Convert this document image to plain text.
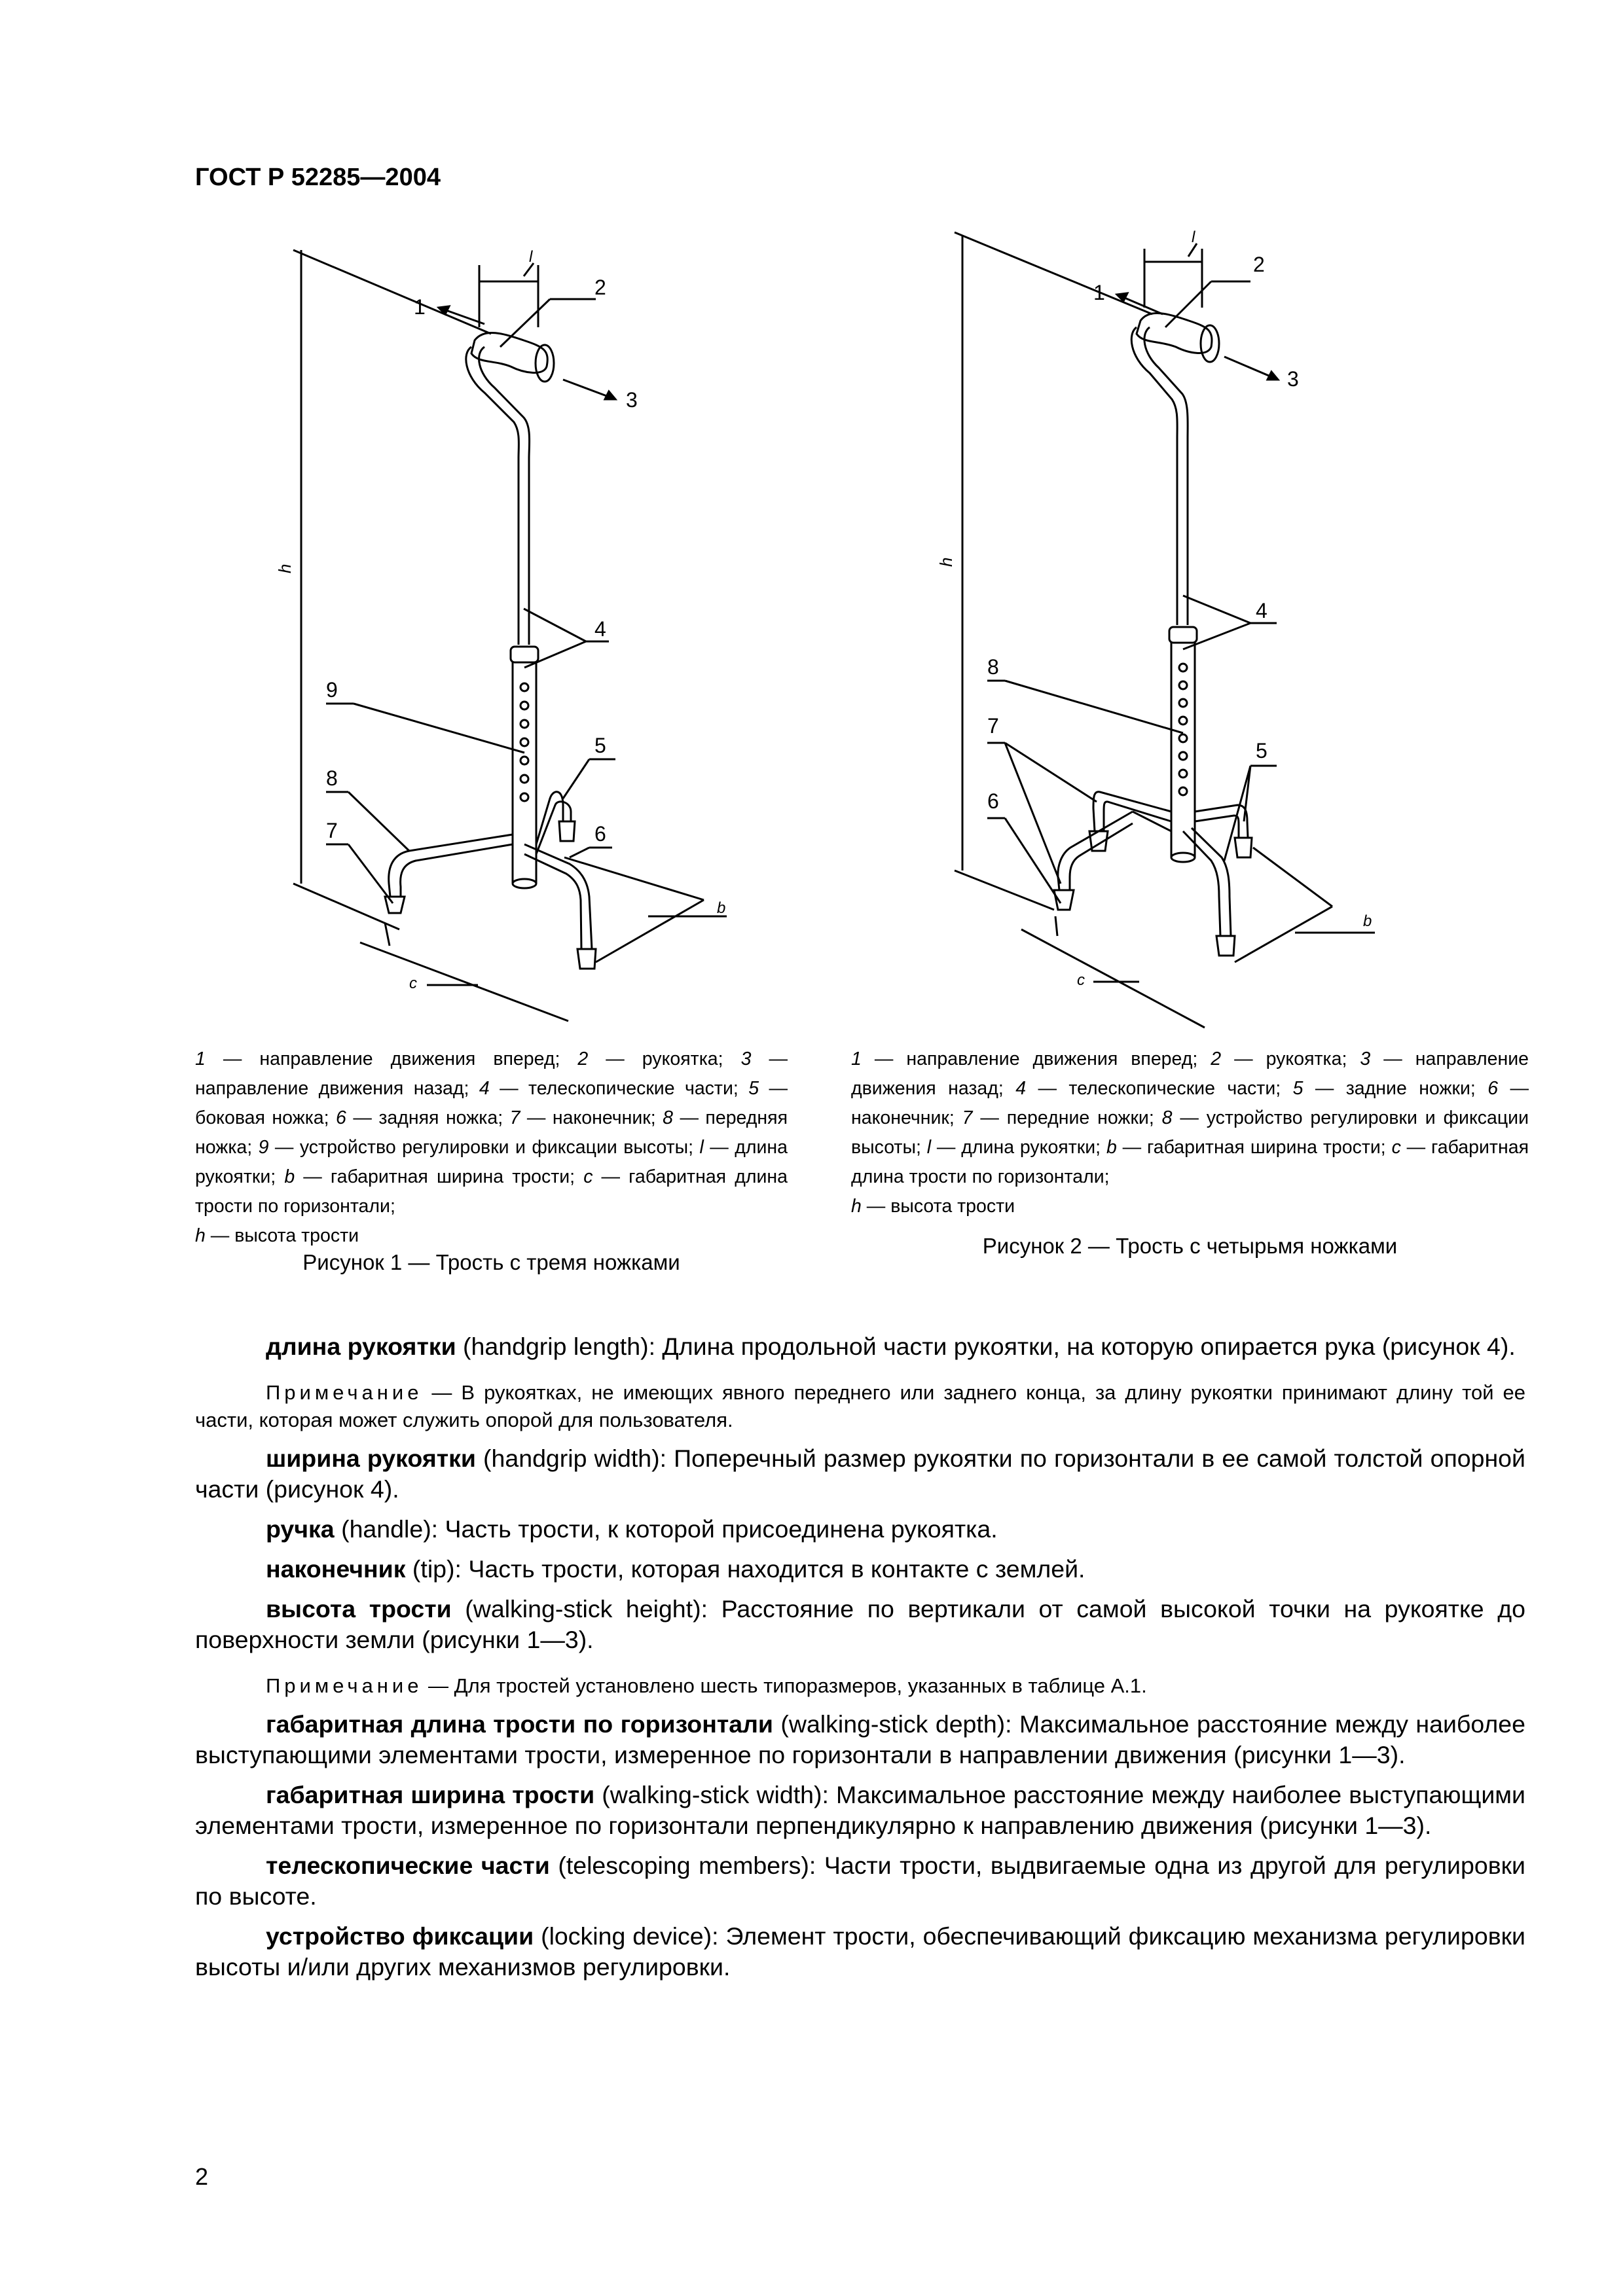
ГОСТ Р 52285—2004
h
l
c
b
1
2
3
4
9
5
6
8
7
h
l
c
b
1
2
3
4
8
7
5
6
1 — направление движения вперед; 2 — рукоятка; 3 — направление движения назад; 4 — телескопические части; 5 — боковая ножка; 6 — задняя ножка; 7 — наконечник; 8 — передняя ножка; 9 — устройство регулировки и фиксации высоты; l — длина рукоятки; b — габаритная ширина трости; c — габаритная длина трости по горизонтали;
h — высота трости
1 — направление движения вперед; 2 — рукоятка; 3 — направление движения назад; 4 — телескопические части; 5 — задние ножки; 6 — наконечник; 7 — передние ножки; 8 — устройство регулировки и фиксации высоты; l — длина рукоятки; b — габаритная ширина трости; c — габаритная длина трости по горизонтали;
h — высота трости
Рисунок 1 — Трость с тремя ножками
Рисунок 2 — Трость с четырьмя ножками

длина рукоятки (handgrip length): Длина продольной части рукоятки, на которую опирается рука (рисунок 4).

Примечание — В рукоятках, не имеющих явного переднего или заднего конца, за длину рукоятки принимают длину той ее части, которая может служить опорой для пользователя.

ширина рукоятки (handgrip width): Поперечный размер рукоятки по горизонтали в ее самой толстой опорной части (рисунок 4).

ручка (handle): Часть трости, к которой присоединена рукоятка.

наконечник (tip): Часть трости, которая находится в контакте с землей.

высота трости (walking-stick height): Расстояние по вертикали от самой высокой точки на рукоятке до поверхности земли (рисунки 1—3).

Примечание — Для тростей установлено шесть типоразмеров, указанных в таблице А.1.

габаритная длина трости по горизонтали (walking-stick depth): Максимальное расстояние между наиболее выступающими элементами трости, измеренное по горизонтали в направлении движения (рисунки 1—3).

габаритная ширина трости (walking-stick width): Максимальное расстояние между наиболее выступающими элементами трости, измеренное по горизонтали перпендикулярно к направлению движения (рисунки 1—3).

телескопические части (telescoping members): Части трости, выдвигаемые одна из другой для регулировки по высоте.

устройство фиксации (locking device): Элемент трости, обеспечивающий фиксацию механизма регулировки высоты и/или других механизмов регулировки.

2
